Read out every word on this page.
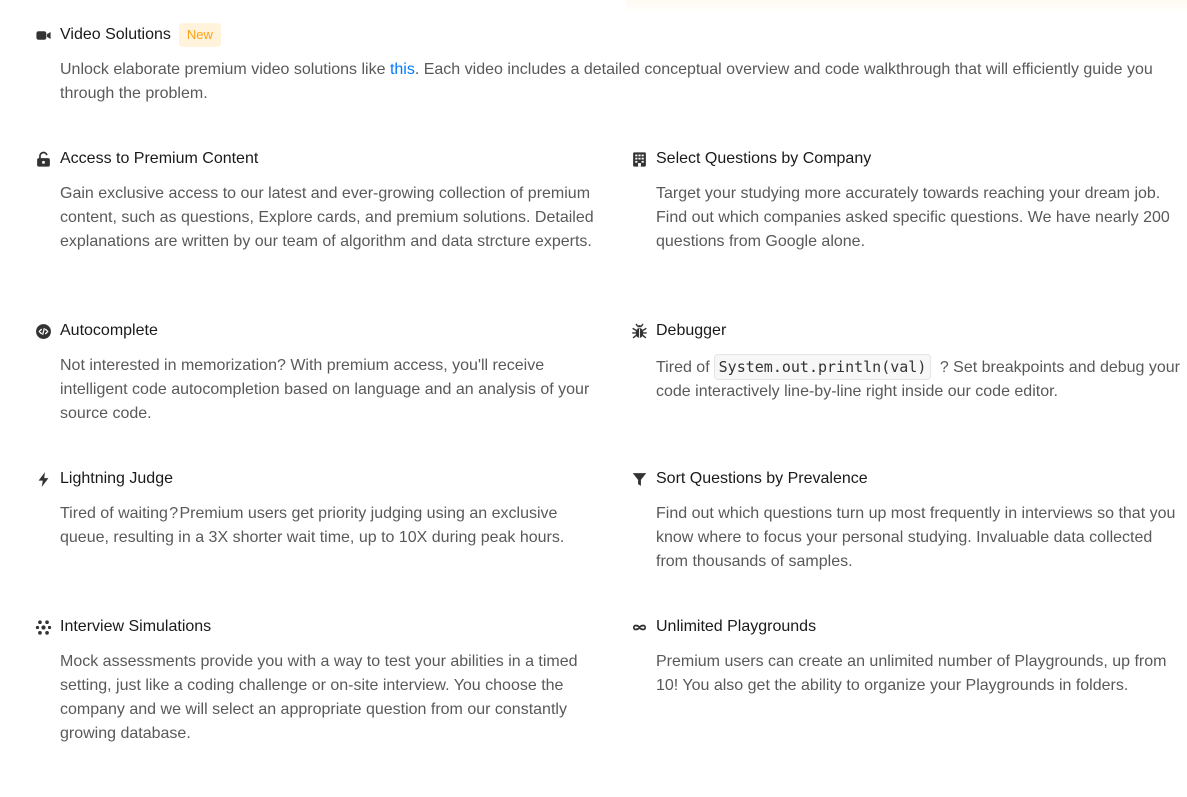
Video Solutions	New
Unlock elaborate premium video solutions like this. Each video includes a detailed conceptual overview and code walkthrough that will efficiently guide you through the problem.
Access to Premium Content
Gain exclusive access to our latest and ever-growing collection of premium content, such as questions, Explore cards, and premium solutions. Detailed explanations are written by our team of algorithm and data strcture experts.
Select Questions by Company
Target your studying more accurately towards reaching your dream job. Find out which companies asked specific questions. We have nearly 200 questions from Google alone.
Autocomplete
Not interested in memorization? With premium access, you'll receive intelligent code autocompletion based on language and an analysis of your source code.
Debugger
Tired of System.out.println(val) ? Set breakpoints and debug your code interactively line-by-line right inside our code editor.
Lightning Judge
Tired of waiting ? Premium users get priority judging using an exclusive queue, resulting in a 3X shorter wait time, up to 10X during peak hours.
Sort Questions by Prevalence
Find out which questions turn up most frequently in interviews so that you know where to focus your personal studying. Invaluable data collected from thousands of samples.
Interview Simulations
Mock assessments provide you with a way to test your abilities in a timed setting, just like a coding challenge or on-site interview. You choose the company and we will select an appropriate question from our constantly growing database.
Unlimited Playgrounds
Premium users can create an unlimited number of Playgrounds, up from 10! You also get the ability to organize your Playgrounds in folders.
